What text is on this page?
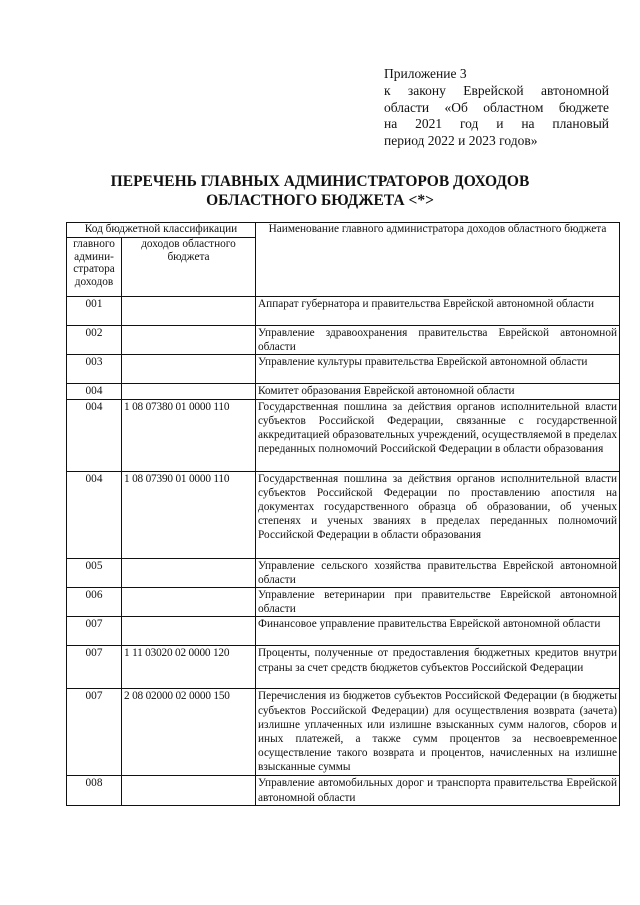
Приложение 3
к закону Еврейской автономной
области «Об областном бюджете
на 2021 год и на плановый
период 2022 и 2023 годов»
ПЕРЕЧЕНЬ ГЛАВНЫХ АДМИНИСТРАТОРОВ ДОХОДОВ
ОБЛАСТНОГО БЮДЖЕТА <*>
Код бюджетной классификации		Наименование главного администратора доходов областного бюджета
главного админи-стратора доходов	доходов областного бюджета	
001		Аппарат губернатора и правительства Еврейской автономной области
002		Управление здравоохранения правительства Еврейской автономной области
003		Управление культуры правительства Еврейской автономной области
004		Комитет образования Еврейской автономной области
004	1 08 07380 01 0000 110	Государственная пошлина за действия органов исполнительной власти субъектов Российской Федерации, связанные с государственной аккредитацией образовательных учреждений, осуществляемой в пределах переданных полномочий Российской Федерации в области образования
004	1 08 07390 01 0000 110	Государственная пошлина за действия органов исполнительной власти субъектов Российской Федерации по проставлению апостиля на документах государственного образца об образовании, об ученых степенях и ученых званиях в пределах переданных полномочий Российской Федерации в области образования
005		Управление сельского хозяйства правительства Еврейской автономной области
006		Управление ветеринарии при правительстве Еврейской автономной области
007		Финансовое управление правительства Еврейской автономной области
007	1 11 03020 02 0000 120	Проценты, полученные от предоставления бюджетных кредитов внутри страны за счет средств бюджетов субъектов Российской Федерации
007	2 08 02000 02 0000 150	Перечисления из бюджетов субъектов Российской Федерации (в бюджеты субъектов Российской Федерации) для осуществления возврата (зачета) излишне уплаченных или излишне взысканных сумм налогов, сборов и иных платежей, а также сумм процентов за несвоевременное осуществление такого возврата и процентов, начисленных на излишне взысканные суммы
008		Управление автомобильных дорог и транспорта правительства Еврейской автономной области
